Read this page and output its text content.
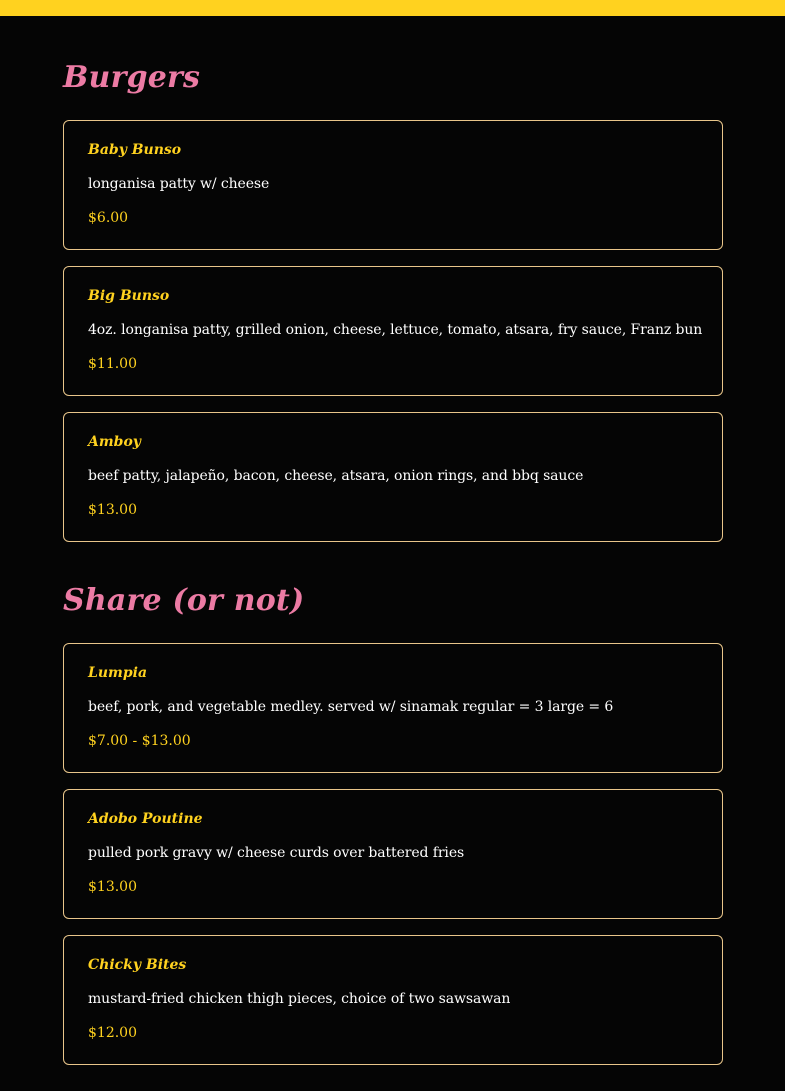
Burgers
Baby Bunso
longanisa patty w/ cheese
$6.00
Big Bunso
4oz. longanisa patty, grilled onion, cheese, lettuce, tomato, atsara, fry sauce, Franz bun
$11.00
Amboy
beef patty, jalapeño, bacon, cheese, atsara, onion rings, and bbq sauce
$13.00
Share (or not)
Lumpia
beef, pork, and vegetable medley. served w/ sinamak regular = 3 large = 6
$7.00 - $13.00
Adobo Poutine
pulled pork gravy w/ cheese curds over battered fries
$13.00
Chicky Bites
mustard-fried chicken thigh pieces, choice of two sawsawan
$12.00
